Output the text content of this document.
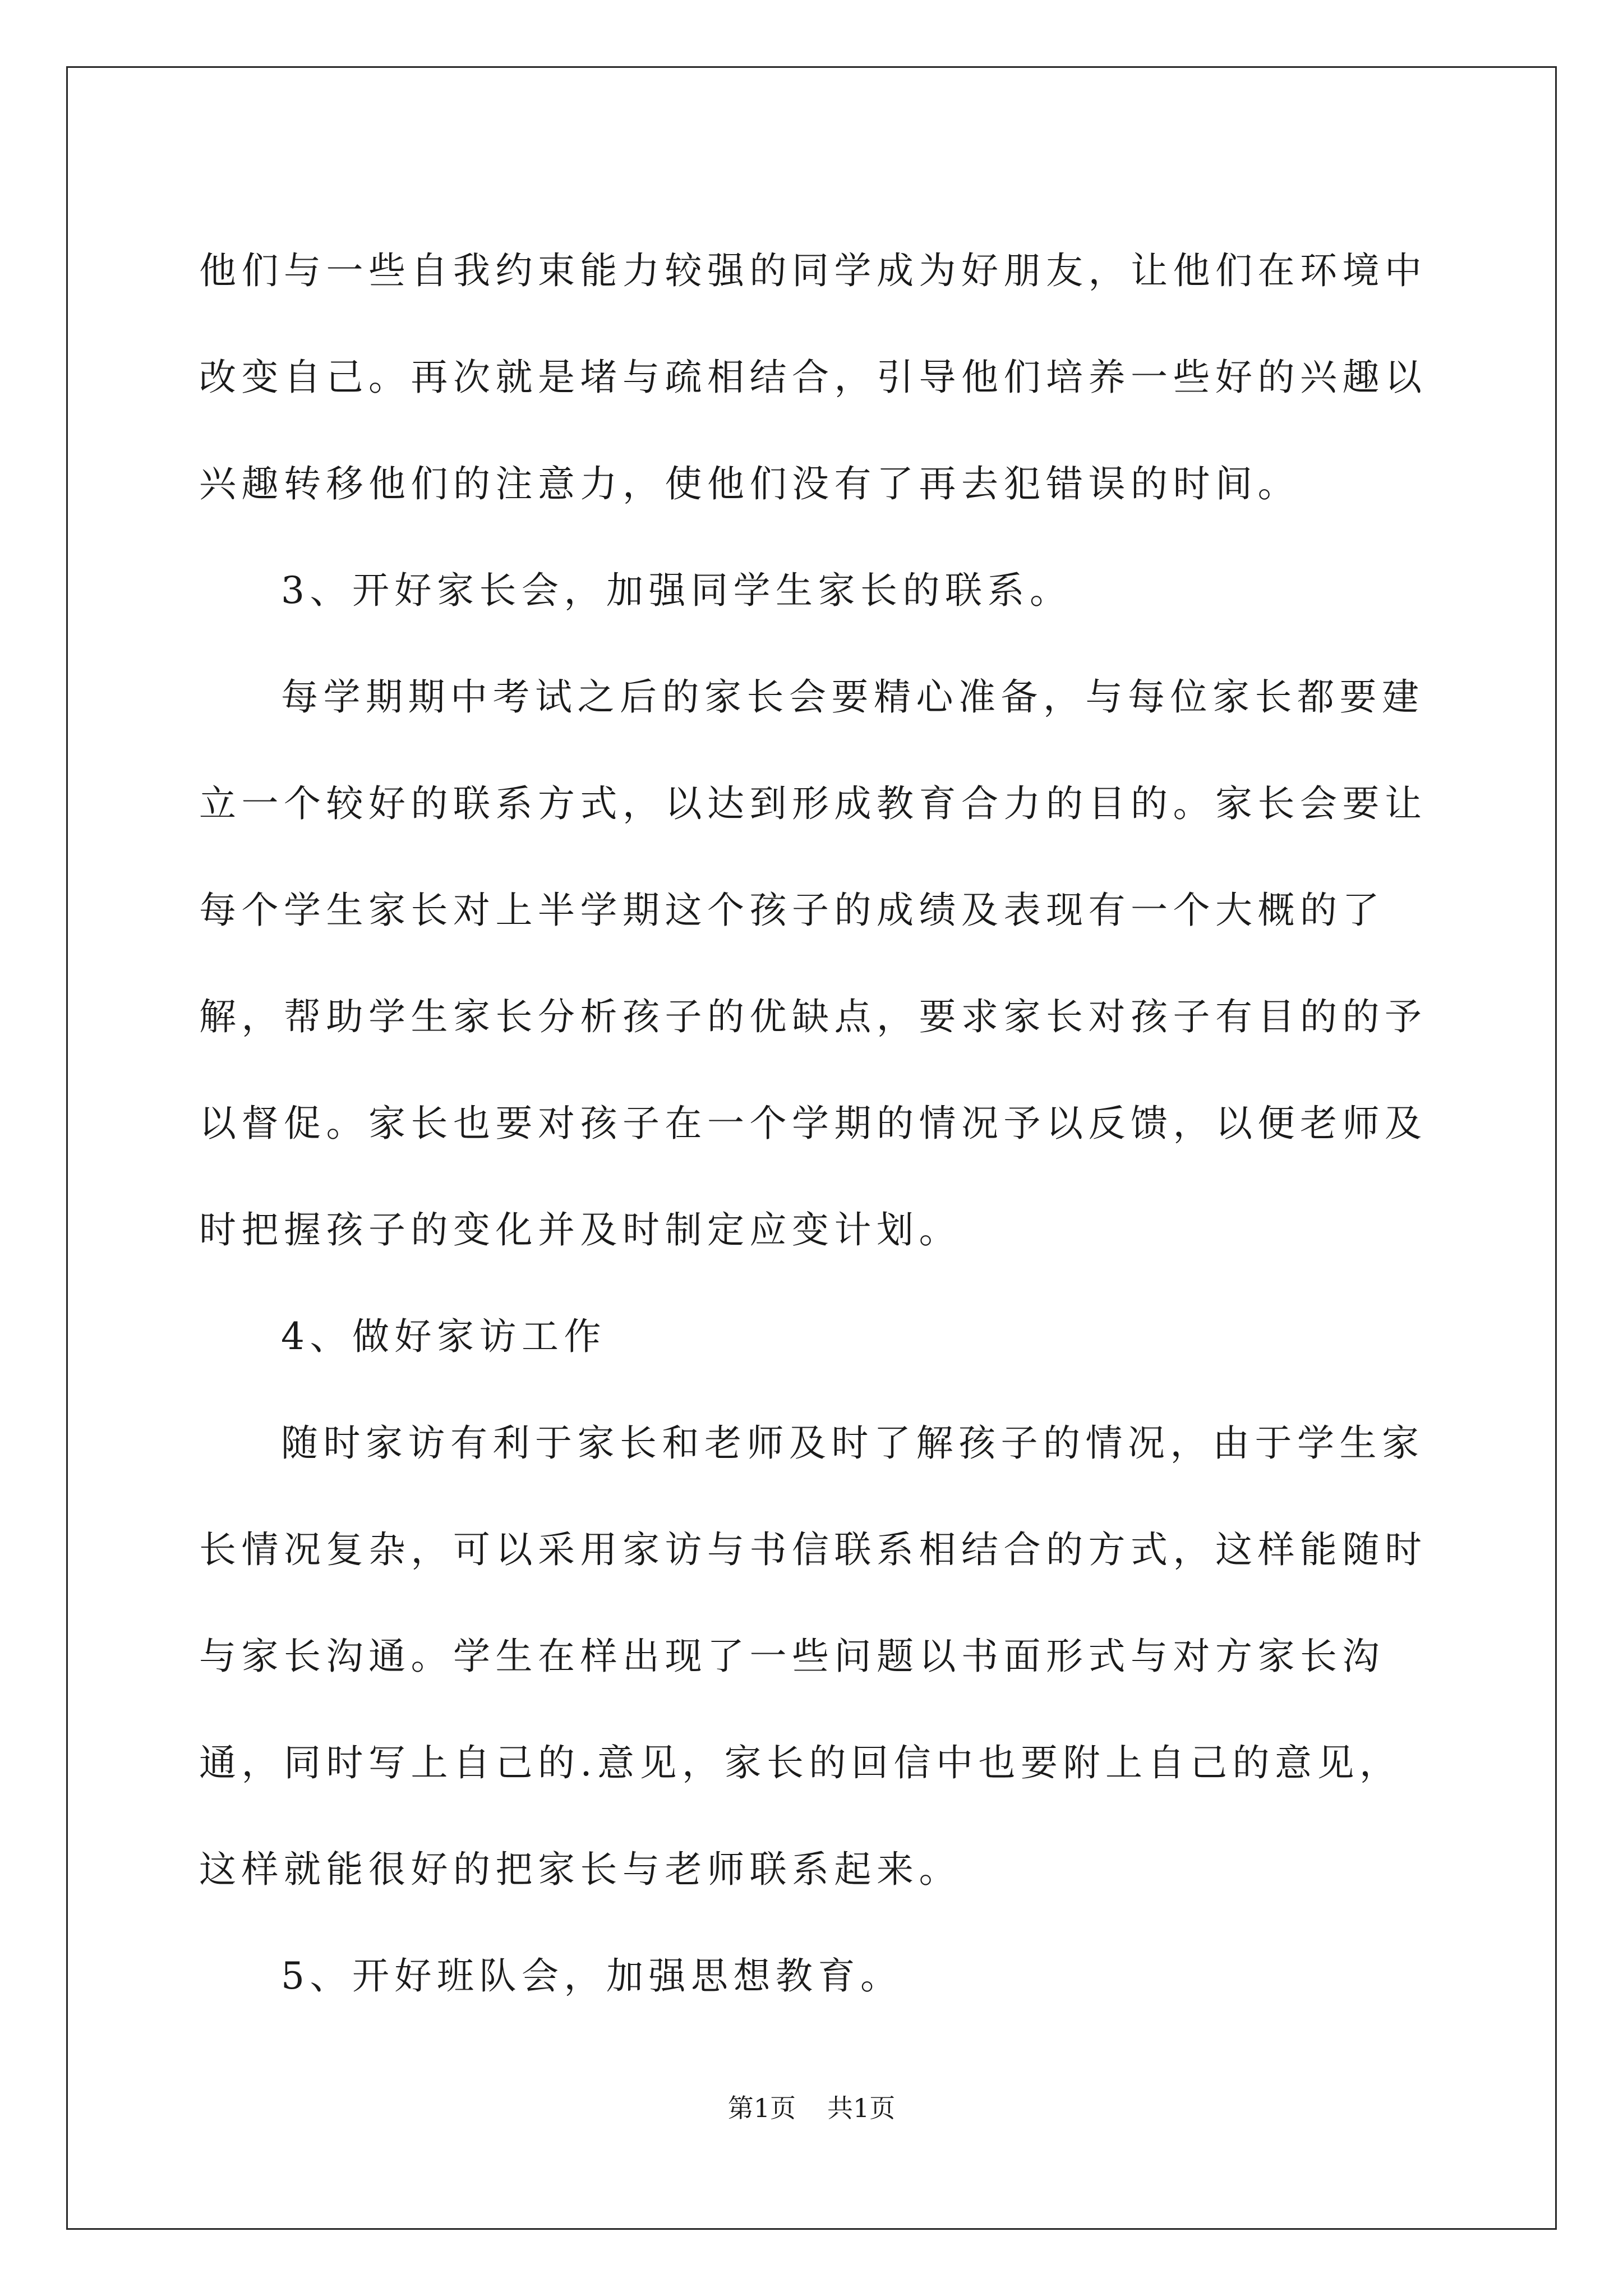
他们与一些自我约束能力较强的同学成为好朋友，让他们在环境中改变自己。再次就是堵与疏相结合，引导他们培养一些好的兴趣以兴趣转移他们的注意力，使他们没有了再去犯错误的时间。

3、开好家长会，加强同学生家长的联系。

每学期期中考试之后的家长会要精心准备，与每位家长都要建立一个较好的联系方式，以达到形成教育合力的目的。家长会要让每个学生家长对上半学期这个孩子的成绩及表现有一个大概的了解，帮助学生家长分析孩子的优缺点，要求家长对孩子有目的的予以督促。家长也要对孩子在一个学期的情况予以反馈，以便老师及时把握孩子的变化并及时制定应变计划。

4、做好家访工作

随时家访有利于家长和老师及时了解孩子的情况，由于学生家长情况复杂，可以采用家访与书信联系相结合的方式，这样能随时与家长沟通。学生在样出现了一些问题以书面形式与对方家长沟通，同时写上自己的.意见，家长的回信中也要附上自己的意见，这样就能很好的把家长与老师联系起来。

5、开好班队会，加强思想教育。

第1页 共1页
